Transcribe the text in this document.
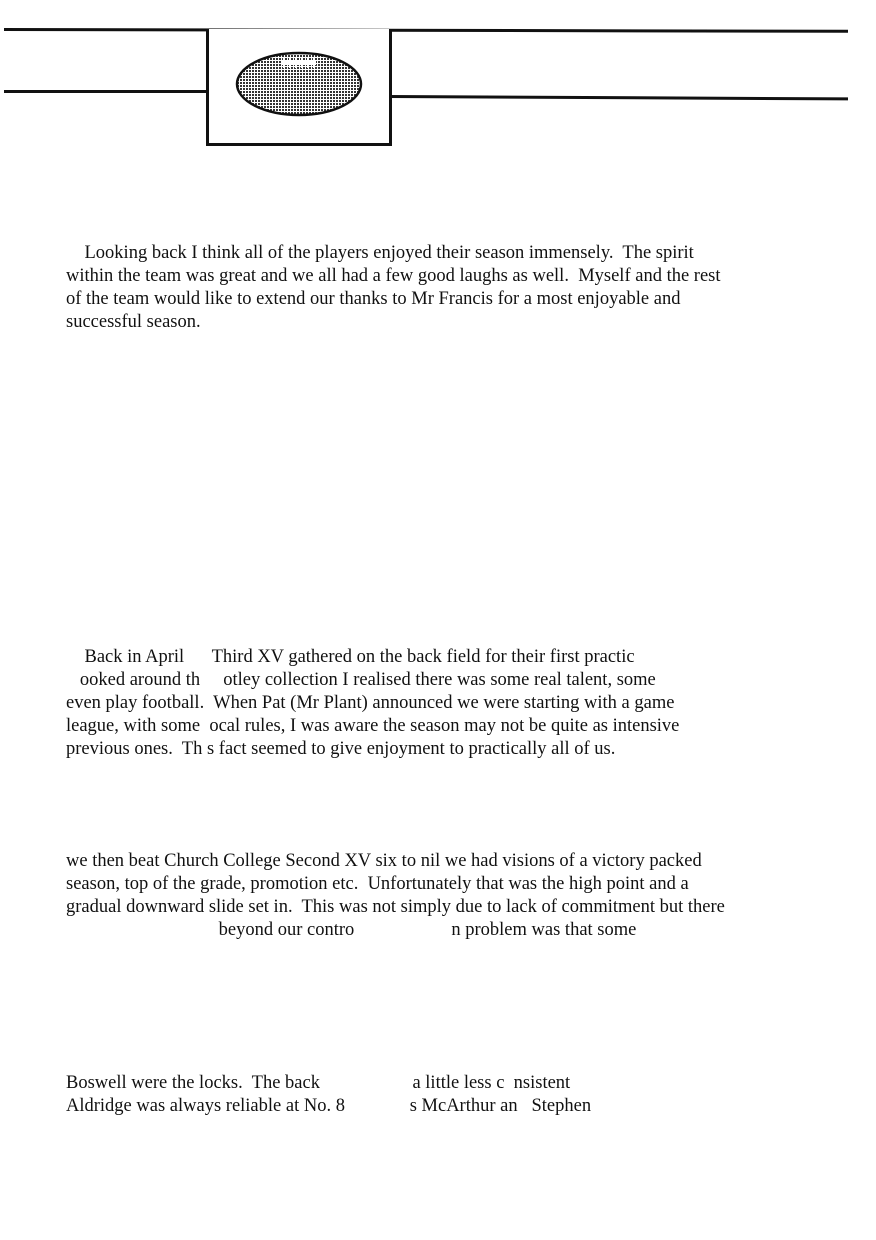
Looking back I think all of the players enjoyed their season immensely.  The spirit
within the team was great and we all had a few good laughs as well.  Myself and the rest
of the team would like to extend our thanks to Mr Francis for a most enjoyable and
successful season.
Back in April      Third XV gathered on the back field for their first practic
ooked around th     otley collection I realised there was some real talent, some
even play football.  When Pat (Mr Plant) announced we were starting with a game
league, with some  ocal rules, I was aware the season may not be quite as intensive
previous ones.  Th s fact seemed to give enjoyment to practically all of us.
we then beat Church College Second XV six to nil we had visions of a victory packed
season, top of the grade, promotion etc.  Unfortunately that was the high point and a
gradual downward slide set in.  This was not simply due to lack of commitment but there
beyond our contro                     n problem was that some
Boswell were the locks.  The back                    a little less c  nsistent
Aldridge was always reliable at No. 8              s McArthur an   Stephen
